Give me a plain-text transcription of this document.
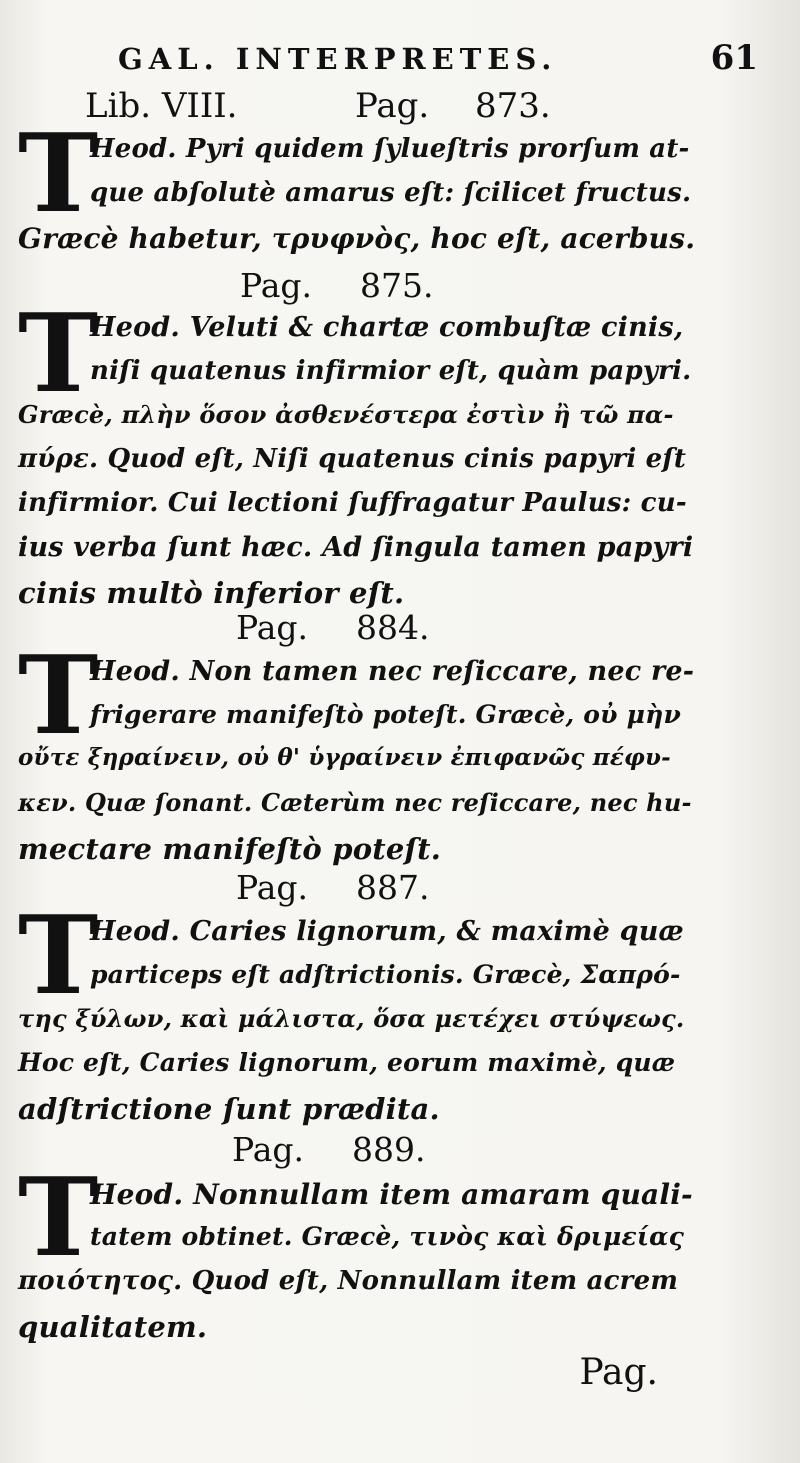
GAL. INTERPRETES.	61
Lib. VIII.	Pag. 873.
T
Heod. Pyri quidem ſylueſtris prorſum at-
que abſolutè amarus eſt: ſcilicet fructus.
Græcè habetur, τρυφνὸς, hoc eſt, acerbus.
Pag. 875.
T
Heod. Veluti & chartæ combuſtæ cinis,
niſi quatenus infirmior eſt, quàm papyri.
Græcè, πλὴν ὅσον ἀσθενέστερα ἐστὶν ἢ τῶ πα-
πύρε. Quod eſt, Niſi quatenus cinis papyri eſt
infirmior. Cui lectioni ſuffragatur Paulus: cu-
ius verba ſunt hæc. Ad ſingula tamen papyri
cinis multò inferior eſt.
Pag. 884.
T
Heod. Non tamen nec reſiccare, nec re-
frigerare manifeſtò poteſt. Græcè, οὐ μὴν
οὔτε ξηραίνειν, οὐ θ' ὑγραίνειν ἐπιφανῶς πέφυ-
κεν. Quæ ſonant. Cæterùm nec reſiccare, nec hu-
mectare manifeſtò poteſt.
Pag. 887.
T
Heod. Caries lignorum, & maximè quæ
particeps eſt adſtrictionis. Græcè, Σαπρό-
της ξύλων, καὶ μάλιστα, ὅσα μετέχει στύψεως.
Hoc eſt, Caries lignorum, eorum maximè, quæ
adſtrictione ſunt prædita.
Pag. 889.
T
Heod. Nonnullam item amaram quali-
tatem obtinet. Græcè, τινὸς καὶ δριμείας
ποιότητος. Quod eſt, Nonnullam item acrem
qualitatem.
Pag.
